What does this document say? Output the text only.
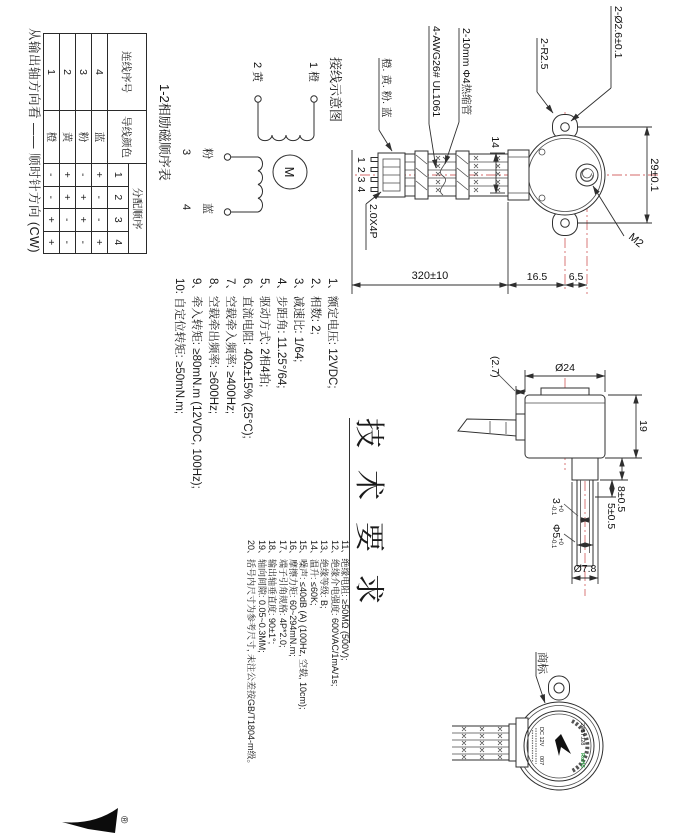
29±0.1
2-Ø2.6±0.1
2-R2.5
M2
14
6,5
16.5
320±10
2-10mm Φ4热缩管
4-AWG26# UL1061
橙. 黄. 粉. 蓝
1234
2.0X4P
19
Ø24
(2.7)
8±0.5
5±0.5
3
+0
-0.1
Φ5
+0
-0.1
Ø7.8
接线示意图
1 橙
2 黄
M
粉
3
蓝
4
1-2相励磁顺序表
连线序号	导线颜色	分配顺序			
		1	2	3	4
4	蓝	+	-	-	+
3	粉	-	+	+	-
2	黄	+	+	-	-
1	橙	-	-	+	+
从输出轴方向看 —— 顺时针方向 (CW)
技术要求
1、额定电压: 12VDC;
2、相数: 2;
3、减速比: 1/64;
4、步距角: 11.25°/64;
5、驱动方式: 2相4拍;
6、直流电阻: 40Ω±15% (25°C);
7、空载牵入频率: ≥400Hz;
8、空载牵出频率: ≥600Hz;
9、牵入转矩: ≥80mN.m (12VDC, 100Hz);
10: 自定位转矩: ≥50mN.m;
11、绝缘电阻: ≥50MΩ (500V);
12、绝缘介电强度: 600VAC/1mA/1s;
13、绝缘等级: B;
14、温升: ≤60K;
15、噪声: ≤40dB (A) (100Hz, 空载, 10cm);
16、摩擦力矩: 60~294mN.m;
17、端子引角规格: 4P*2.0;
18、输出轴垂直度: 90±1°;
19、轴向间隙: 0.05~0.3MM;
20、括号内尺寸为参考尺寸, 未注公差按GB/T1804-m级。	24BYJ28
RoHS
DC 12V
007
商标
®
